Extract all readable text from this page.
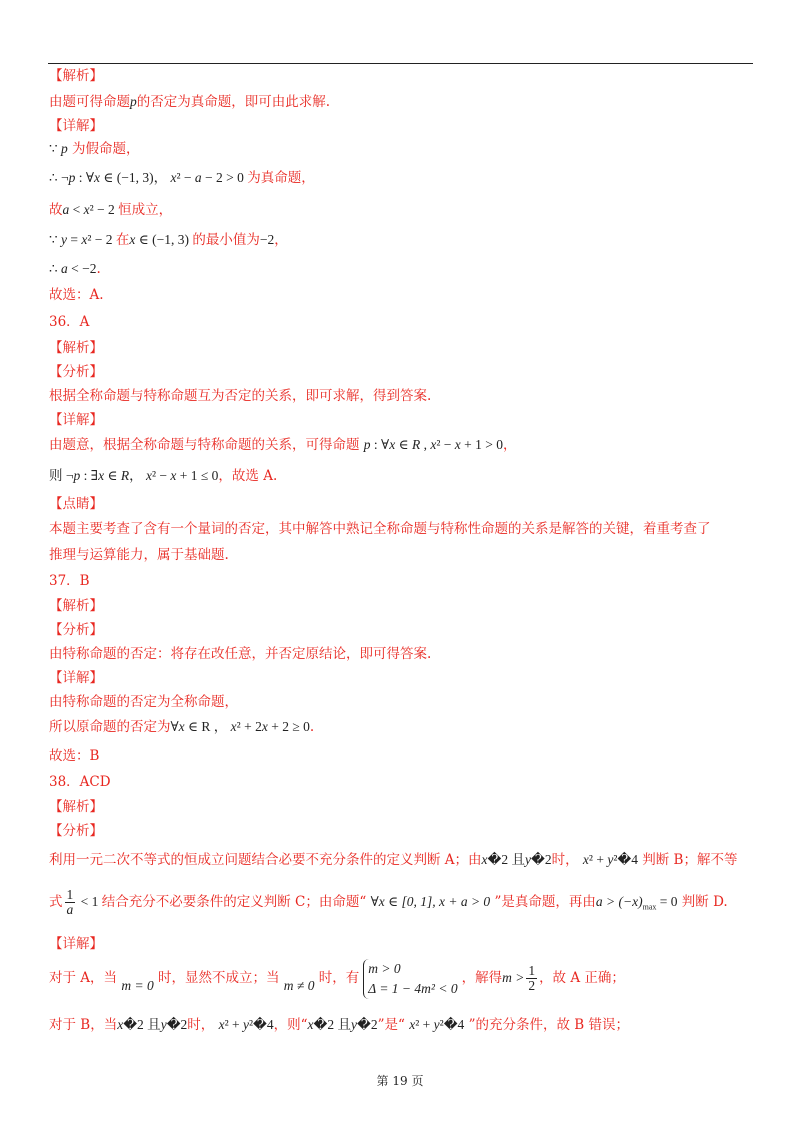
【解析】
由题可得命题p的否定为真命题，即可由此求解.
【详解】
∵ p 为假命题，
∴ ¬p : ∀x ∈ (−1, 3)， x² − a − 2 > 0 为真命题，
故a < x² − 2 恒成立，
∵ y = x² − 2 在x ∈ (−1, 3) 的最小值为−2，
∴ a < −2.
故选：A.
36．A
【解析】
【分析】
根据全称命题与特称命题互为否定的关系，即可求解，得到答案.
【详解】
由题意，根据全称命题与特称命题的关系，可得命题 p : ∀x ∈ R , x² − x + 1 > 0，
则 ¬p : ∃x ∈ R， x² − x + 1 ≤ 0，故选 A.
【点睛】
本题主要考查了含有一个量词的否定，其中解答中熟记全称命题与特称性命题的关系是解答的关键，着重考查了
推理与运算能力，属于基础题.
37．B
【解析】
【分析】
由特称命题的否定：将存在改任意，并否定原结论，即可得答案.
【详解】
由特称命题的否定为全称命题，
所以原命题的否定为∀x ∈ R ， x² + 2x + 2 ≥ 0.
故选：B
38．ACD
【解析】
【分析】
利用一元二次不等式的恒成立问题结合必要不充分条件的定义判断 A；由x�2 且y�2时， x² + y²�4 判断 B；解不等
【详解】
对于 B，当x�2 且y�2时， x² + y²�4，则“x�2 且y�2”是“ x² + y²�4 ”的充分条件，故 B 错误；
式 $\frac{1}{a} < 1$ 结合充分不必要条件的定义判断 C；由命题“ ∀x ∈ [0, 1], x + a > 0 ”是真命题，再由$a > (-x)_{max} = 0$ 判断 D.
对于 A，当 m = 0 时，显然不成立；当 m ≠ 0 时，有
m > 0
Δ = 1 − 4m² < 0
，解得$m > \frac{1}{2}$ ，故 A 正确；
第 19 页
